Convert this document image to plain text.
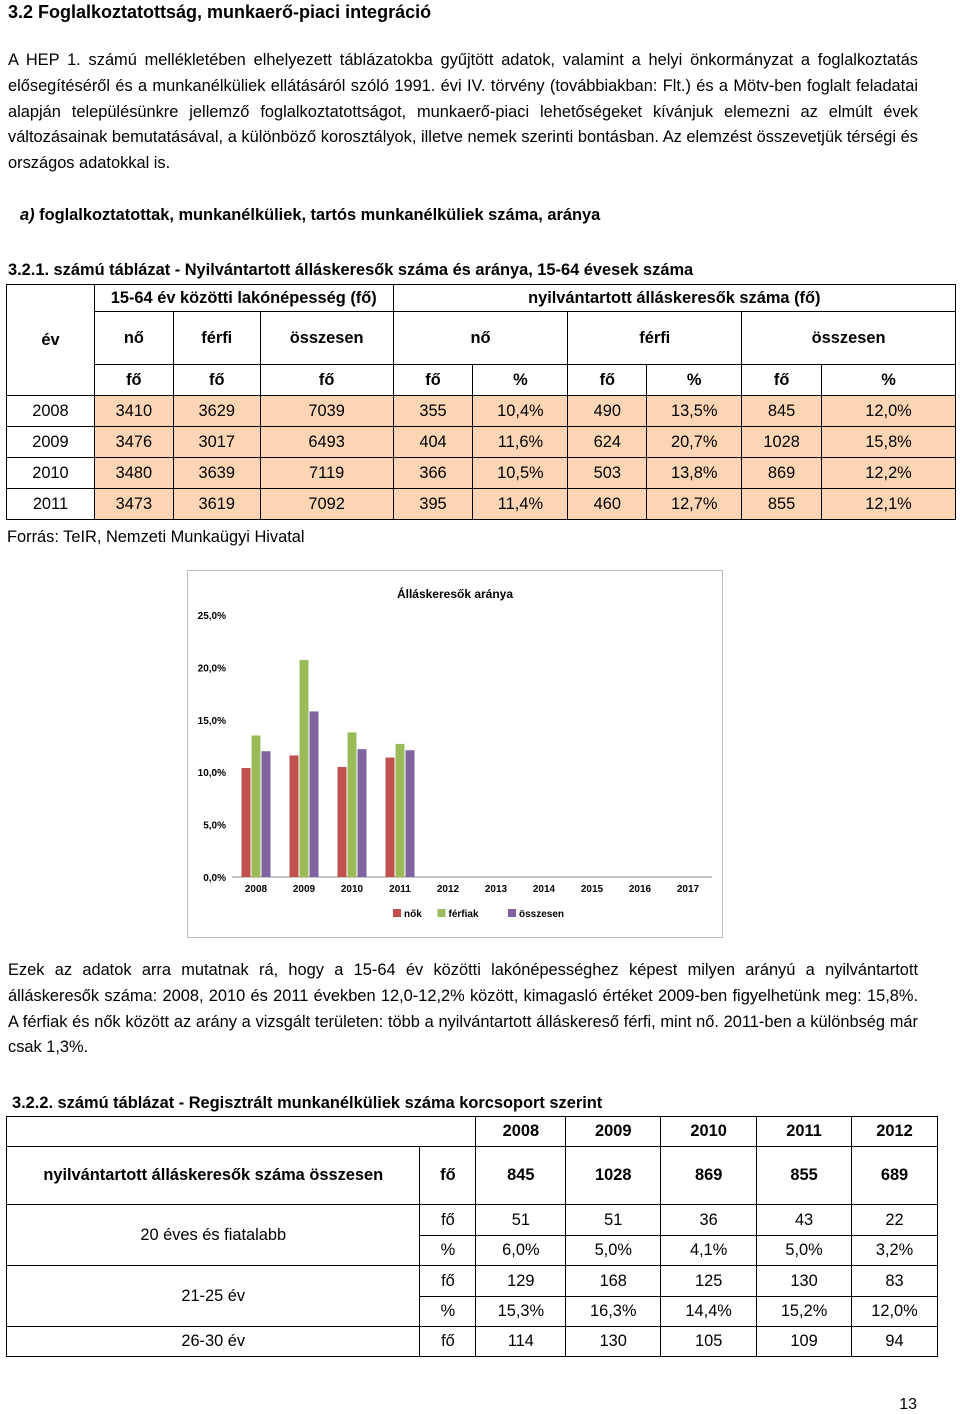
3.2 Foglalkoztatottság, munkaerő-piaci integráció
A HEP 1. számú mellékletében elhelyezett táblázatokba gyűjtött adatok, valamint a helyi önkormányzat a foglalkoztatás elősegítéséről és a munkanélküliek ellátásáról szóló 1991. évi IV. törvény (továbbiakban: Flt.) és a Mötv-ben foglalt feladatai alapján településünkre jellemző foglalkoztatottságot, munkaerő-piaci lehetőségeket kívánjuk elemezni az elmúlt évek változásainak bemutatásával, a különböző korosztályok, illetve nemek szerinti bontásban. Az elemzést összevetjük térségi és országos adatokkal is.
a) foglalkoztatottak, munkanélküliek, tartós munkanélküliek száma, aránya
3.2.1. számú táblázat - Nyilvántartott álláskeresők száma és aránya, 15-64 évesek száma
év	15-64 év közötti lakónépesség (fő)			nyilvántartott álláskeresők száma (fő)					
	nő	férfi	összesen	nő		férfi		összesen	
	fő	fő	fő	fő	%	fő	%	fő	%
2008	3410	3629	7039	355	10,4%	490	13,5%	845	12,0%
2009	3476	3017	6493	404	11,6%	624	20,7%	1028	15,8%
2010	3480	3639	7119	366	10,5%	503	13,8%	869	12,2%
2011	3473	3619	7092	395	11,4%	460	12,7%	855	12,1%
Forrás: TeIR, Nemzeti Munkaügyi Hivatal
Álláskeresők aránya
0,0%
5,0%
10,0%
15,0%
20,0%
25,0%
2008	2009	2010	2011	2012	2013	2014	2015	2016	2017
nők	férfiak	összesen
Ezek az adatok arra mutatnak rá, hogy a 15-64 év közötti lakónépességhez képest milyen arányú a nyilvántartott álláskeresők száma: 2008, 2010 és 2011 években 12,0-12,2% között, kimagasló értéket 2009-ben figyelhetünk meg: 15,8%. A férfiak és nők között az arány a vizsgált területen: több a nyilvántartott álláskereső férfi, mint nő. 2011-ben a különbség már csak 1,3%.
3.2.2. számú táblázat - Regisztrált munkanélküliek száma korcsoport szerint
		2008	2009	2010	2011	2012
nyilvántartott álláskeresők száma összesen	fő	845	1028	869	855	689
20 éves és fiatalabb	fő	51	51	36	43	22
	%	6,0%	5,0%	4,1%	5,0%	3,2%
21-25 év	fő	129	168	125	130	83
	%	15,3%	16,3%	14,4%	15,2%	12,0%
26-30 év	fő	114	130	105	109	94
13
